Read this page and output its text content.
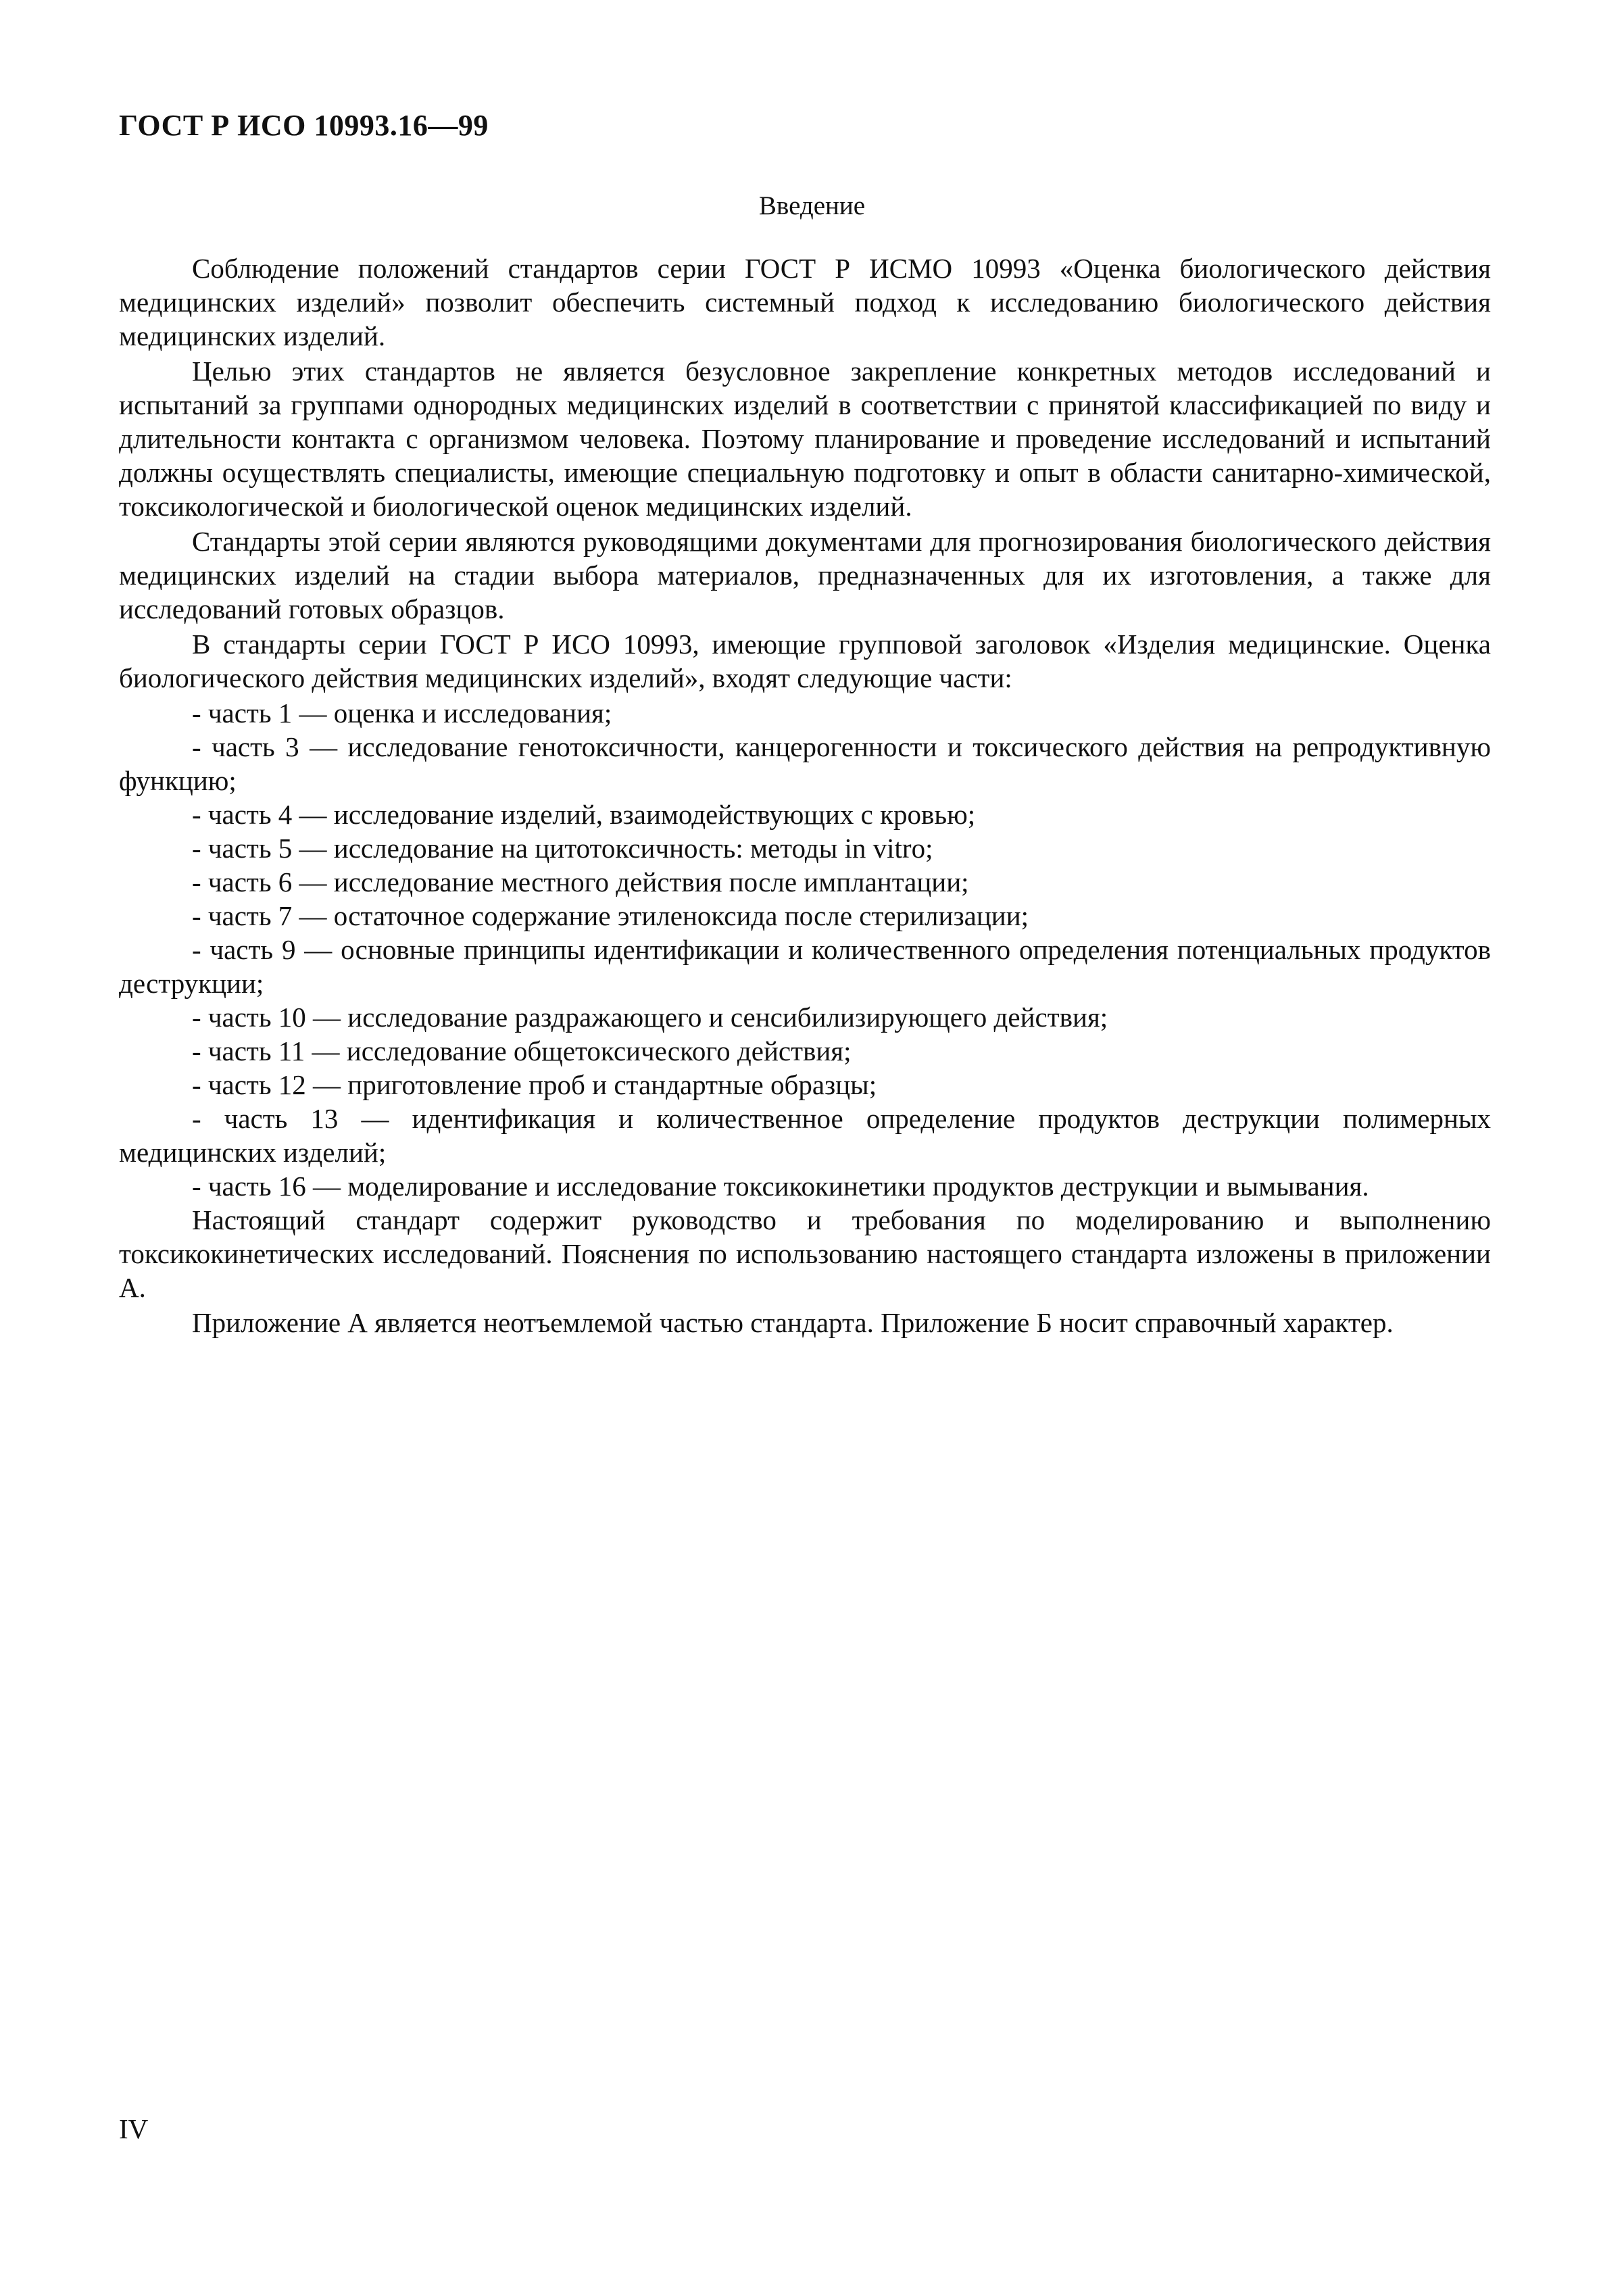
ГОСТ Р ИСО 10993.16—99
Введение

Соблюдение положений стандартов серии ГОСТ Р ИСМО 10993 «Оценка биологического действия медицинских изделий» позволит обеспечить системный подход к исследованию биологического действия медицинских изделий.

Целью этих стандартов не является безусловное закрепление конкретных методов исследований и испытаний за группами однородных медицинских изделий в соответствии с принятой классификацией по виду и длительности контакта с организмом человека. Поэтому планирование и проведение исследований и испытаний должны осуществлять специалисты, имеющие специальную подготовку и опыт в области санитарно-химической, токсикологической и биологической оценок медицинских изделий.

Стандарты этой серии являются руководящими документами для прогнозирования биологического действия медицинских изделий на стадии выбора материалов, предназначенных для их изготовления, а также для исследований готовых образцов.

В стандарты серии ГОСТ Р ИСО 10993, имеющие групповой заголовок «Изделия медицинские. Оценка биологического действия медицинских изделий», входят следующие части:

- часть 1 — оценка и исследования;
- часть 3 — исследование генотоксичности, канцерогенности и токсического действия на репродуктивную функцию;
- часть 4 — исследование изделий, взаимодействующих с кровью;
- часть 5 — исследование на цитотоксичность: методы in vitro;
- часть 6 — исследование местного действия после имплантации;
- часть 7 — остаточное содержание этиленоксида после стерилизации;
- часть 9 — основные принципы идентификации и количественного определения потенциальных продуктов деструкции;
- часть 10 — исследование раздражающего и сенсибилизирующего действия;
- часть 11 — исследование общетоксического действия;
- часть 12 — приготовление проб и стандартные образцы;
- часть 13 — идентификация и количественное определение продуктов деструкции полимерных медицинских изделий;
- часть 16 — моделирование и исследование токсикокинетики продуктов деструкции и вымывания.

Настоящий стандарт содержит руководство и требования по моделированию и выполнению токсикокинетических исследований. Пояснения по использованию настоящего стандарта изложены в приложении А.

Приложение А является неотъемлемой частью стандарта. Приложение Б носит справочный характер.

IV
